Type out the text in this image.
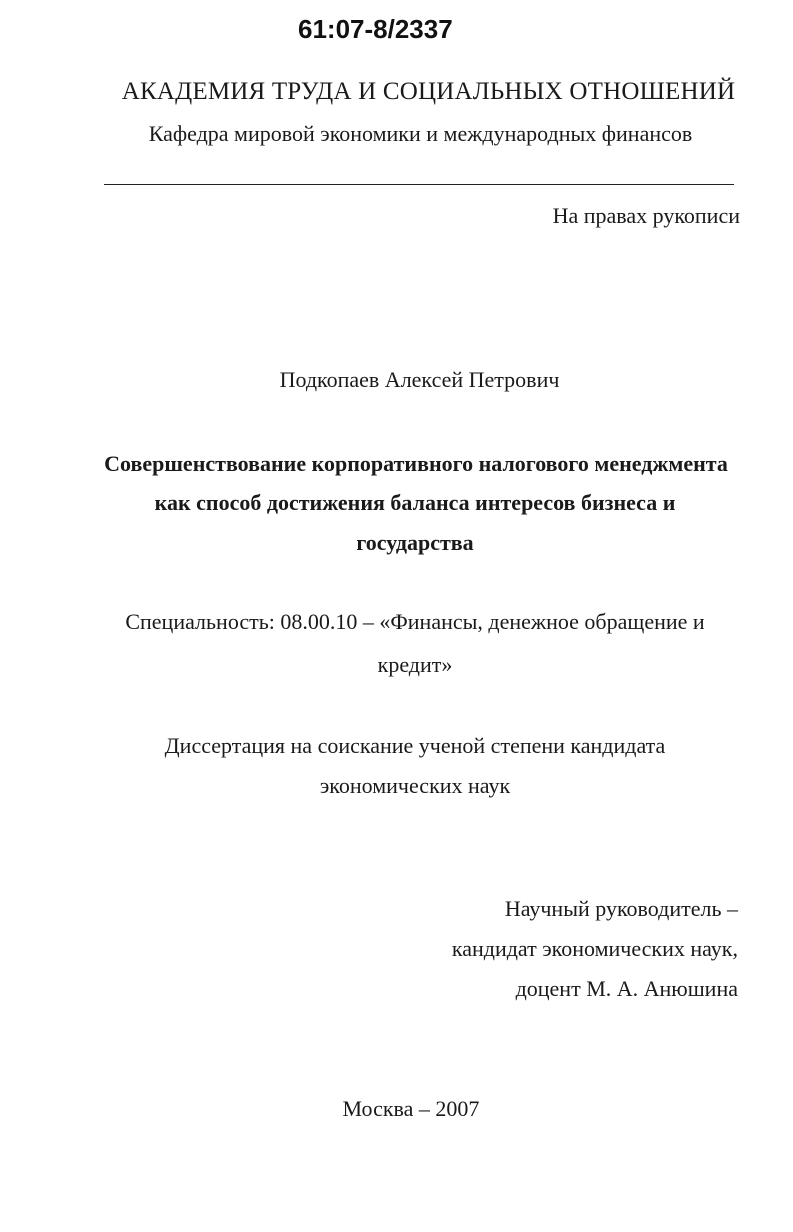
61:07-8/2337
АКАДЕМИЯ ТРУДА И СОЦИАЛЬНЫХ ОТНОШЕНИЙ
Кафедра мировой экономики и международных финансов
На правах рукописи
Подкопаев Алексей Петрович
Совершенствование корпоративного налогового менеджмента
как способ достижения баланса интересов бизнеса и
государства
Специальность: 08.00.10 – «Финансы, денежное обращение и
кредит»
Диссертация на соискание ученой степени кандидата
экономических наук
Научный руководитель –
кандидат экономических наук,
доцент М. А. Анюшина
Москва – 2007
